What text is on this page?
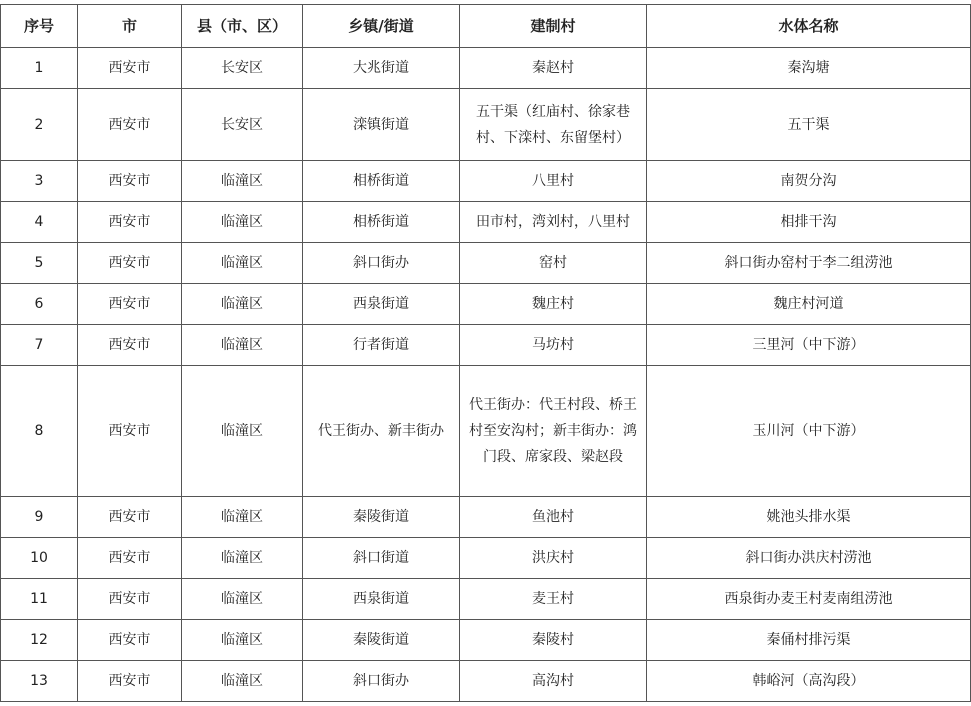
序号	市	县（市、区）	乡镇/街道	建制村	水体名称
1	西安市	长安区	大兆街道	秦赵村	秦沟塘
2	西安市	长安区	滦镇街道	五干渠（红庙村、徐家巷村、下滦村、东留堡村）	五干渠
3	西安市	临潼区	相桥街道	八里村	南贺分沟
4	西安市	临潼区	相桥街道	田市村，湾刘村，八里村	相排干沟
5	西安市	临潼区	斜口街办	窑村	斜口街办窑村于李二组涝池
6	西安市	临潼区	西泉街道	魏庄村	魏庄村河道
7	西安市	临潼区	行者街道	马坊村	三里河（中下游）
8	西安市	临潼区	代王街办、新丰街办	代王街办：代王村段、桥王村至安沟村；新丰街办：鸿门段、席家段、梁赵段	玉川河（中下游）
9	西安市	临潼区	秦陵街道	鱼池村	姚池头排水渠
10	西安市	临潼区	斜口街道	洪庆村	斜口街办洪庆村涝池
11	西安市	临潼区	西泉街道	麦王村	西泉街办麦王村麦南组涝池
12	西安市	临潼区	秦陵街道	秦陵村	秦俑村排污渠
13	西安市	临潼区	斜口街办	高沟村	韩峪河（高沟段）
